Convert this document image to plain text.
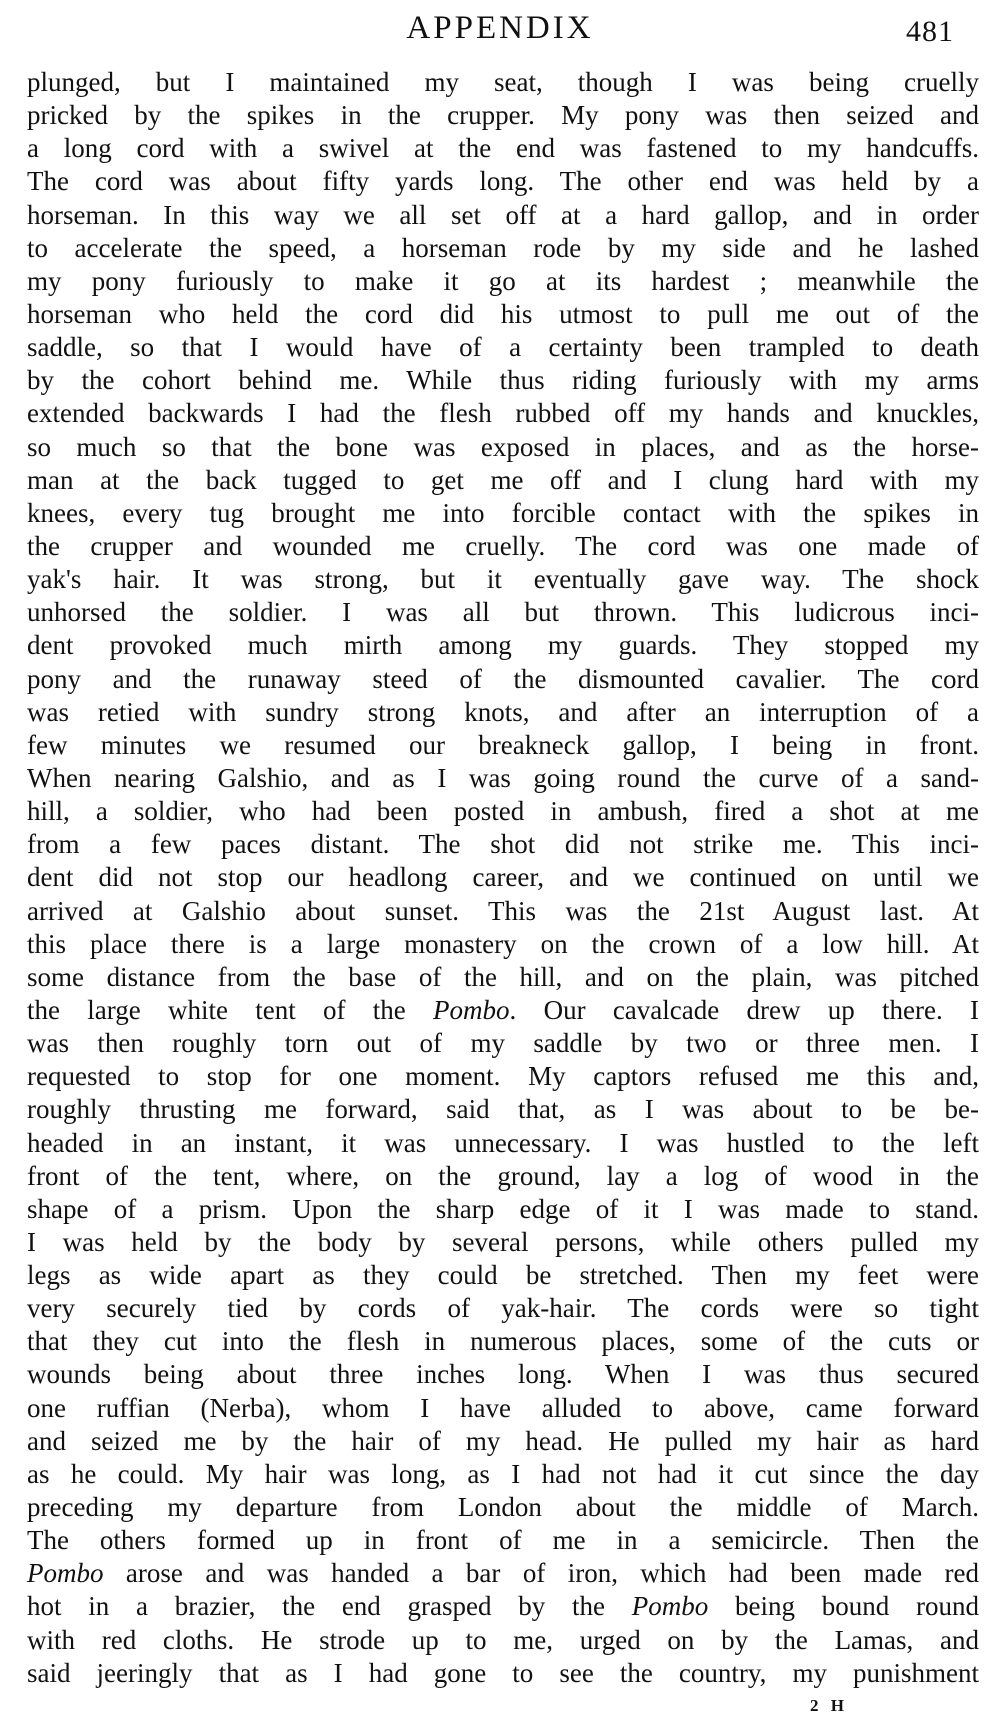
APPENDIX	481
plunged, but I maintained my seat, though I was being cruelly
pricked by the spikes in the crupper. My pony was then seized and
a long cord with a swivel at the end was fastened to my handcuffs.
The cord was about fifty yards long. The other end was held by a
horseman. In this way we all set off at a hard gallop, and in order
to accelerate the speed, a horseman rode by my side and he lashed
my pony furiously to make it go at its hardest ; meanwhile the
horseman who held the cord did his utmost to pull me out of the
saddle, so that I would have of a certainty been trampled to death
by the cohort behind me. While thus riding furiously with my arms
extended backwards I had the flesh rubbed off my hands and knuckles,
so much so that the bone was exposed in places, and as the horse-
man at the back tugged to get me off and I clung hard with my
knees, every tug brought me into forcible contact with the spikes in
the crupper and wounded me cruelly. The cord was one made of
yak's hair. It was strong, but it eventually gave way. The shock
unhorsed the soldier. I was all but thrown. This ludicrous inci-
dent provoked much mirth among my guards. They stopped my
pony and the runaway steed of the dismounted cavalier. The cord
was retied with sundry strong knots, and after an interruption of a
few minutes we resumed our breakneck gallop, I being in front.
When nearing Galshio, and as I was going round the curve of a sand-
hill, a soldier, who had been posted in ambush, fired a shot at me
from a few paces distant. The shot did not strike me. This inci-
dent did not stop our headlong career, and we continued on until we
arrived at Galshio about sunset. This was the 21st August last. At
this place there is a large monastery on the crown of a low hill. At
some distance from the base of the hill, and on the plain, was pitched
the large white tent of the Pombo. Our cavalcade drew up there. I
was then roughly torn out of my saddle by two or three men. I
requested to stop for one moment. My captors refused me this and,
roughly thrusting me forward, said that, as I was about to be be-
headed in an instant, it was unnecessary. I was hustled to the left
front of the tent, where, on the ground, lay a log of wood in the
shape of a prism. Upon the sharp edge of it I was made to stand.
I was held by the body by several persons, while others pulled my
legs as wide apart as they could be stretched. Then my feet were
very securely tied by cords of yak-hair. The cords were so tight
that they cut into the flesh in numerous places, some of the cuts or
wounds being about three inches long. When I was thus secured
one ruffian (Nerba), whom I have alluded to above, came forward
and seized me by the hair of my head. He pulled my hair as hard
as he could. My hair was long, as I had not had it cut since the day
preceding my departure from London about the middle of March.
The others formed up in front of me in a semicircle. Then the
Pombo arose and was handed a bar of iron, which had been made red
hot in a brazier, the end grasped by the Pombo being bound round
with red cloths. He strode up to me, urged on by the Lamas, and
said jeeringly that as I had gone to see the country, my punishment
2 H
